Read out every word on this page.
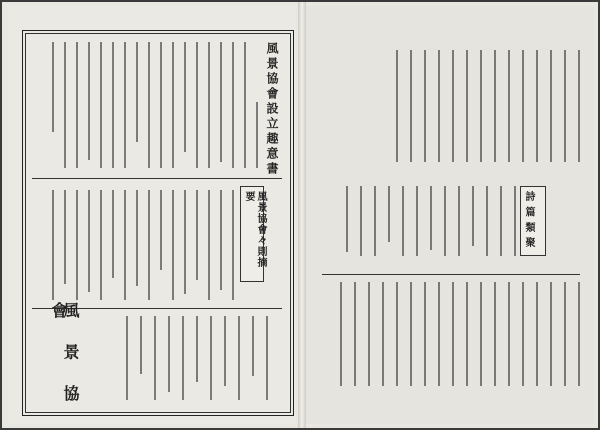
風景協會設立趣意書
風景協會々則摘要
風 景 協 會
詩 篇 類 聚
